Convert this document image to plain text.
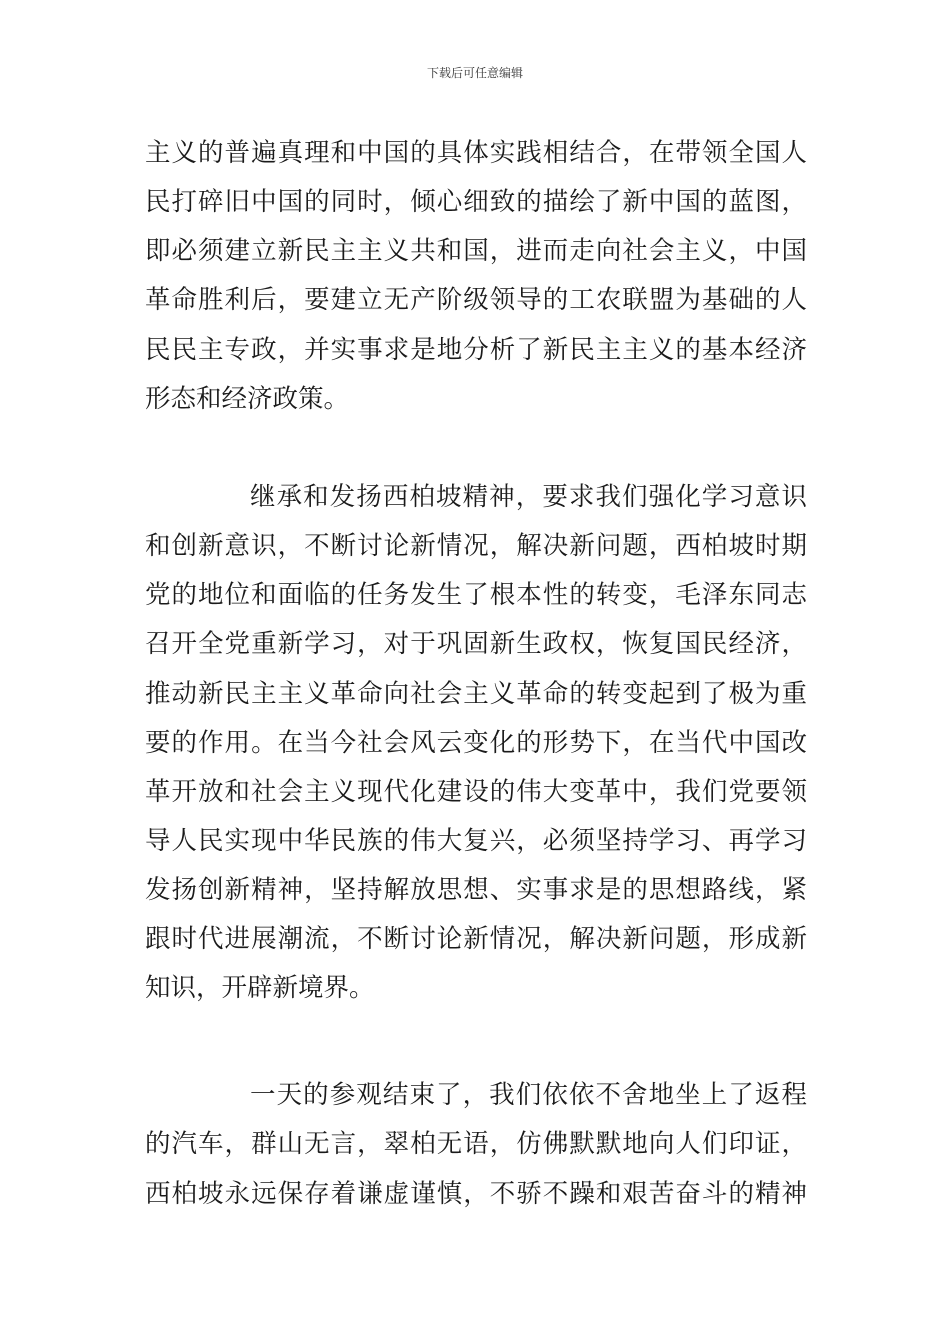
下载后可任意编辑
主义的普遍真理和中国的具体实践相结合，在带领全国人
民打碎旧中国的同时，倾心细致的描绘了新中国的蓝图，
即必须建立新民主主义共和国，进而走向社会主义，中国
革命胜利后，要建立无产阶级领导的工农联盟为基础的人
民民主专政，并实事求是地分析了新民主主义的基本经济
形态和经济政策。
继承和发扬西柏坡精神，要求我们强化学习意识
和创新意识，不断讨论新情况，解决新问题，西柏坡时期
党的地位和面临的任务发生了根本性的转变，毛泽东同志
召开全党重新学习，对于巩固新生政权，恢复国民经济，
推动新民主主义革命向社会主义革命的转变起到了极为重
要的作用。在当今社会风云变化的形势下，在当代中国改
革开放和社会主义现代化建设的伟大变革中，我们党要领
导人民实现中华民族的伟大复兴，必须坚持学习、再学习
发扬创新精神，坚持解放思想、实事求是的思想路线，紧
跟时代进展潮流，不断讨论新情况，解决新问题，形成新
知识，开辟新境界。
一天的参观结束了，我们依依不舍地坐上了返程
的汽车，群山无言，翠柏无语，仿佛默默地向人们印证，
西柏坡永远保存着谦虚谨慎，不骄不躁和艰苦奋斗的精神
